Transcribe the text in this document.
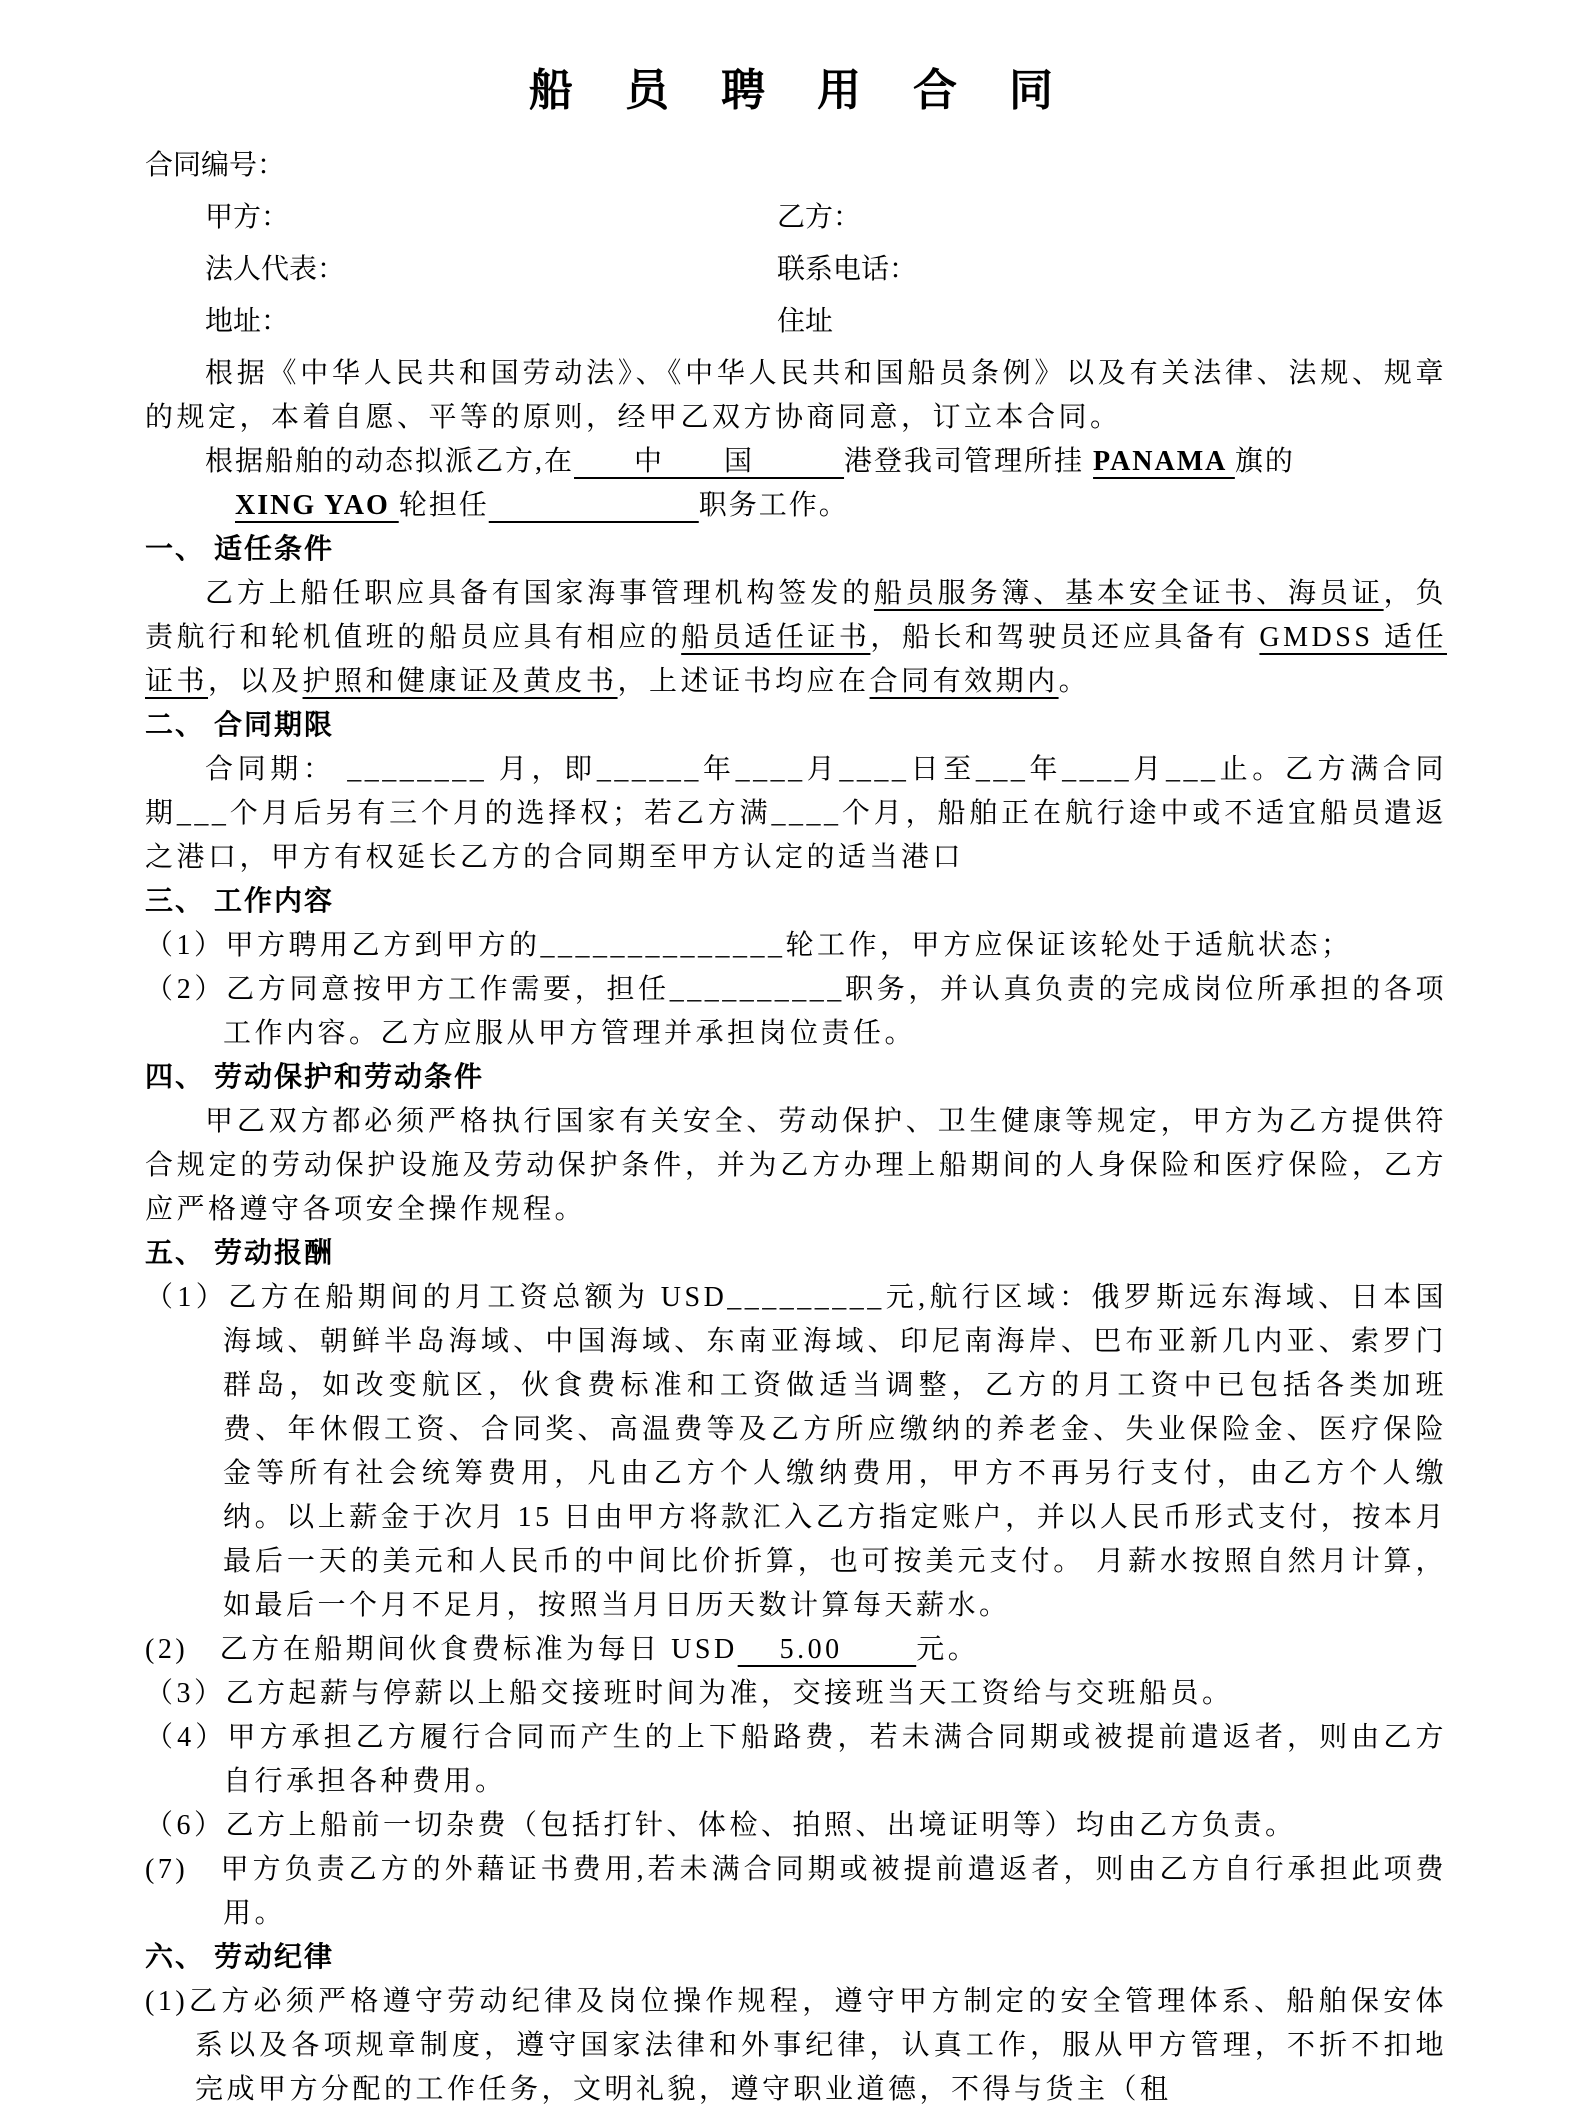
船  员  聘  用  合  同
合同编号：
甲方：	乙方：
法人代表：	联系电话：
地址：	住址
根据《中华人民共和国劳动法》、《中华人民共和国船员条例》以及有关法律、法规、规章的规定，本着自愿、平等的原则，经甲乙双方协商同意，订立本合同。
根据船舶的动态拟派乙方,在　　中　　国　　　港登我司管理所挂 PANAMA 旗的
XING YAO 轮担任　　　　　　　	职务工作。
一、 适任条件
乙方上船任职应具备有国家海事管理机构签发的船员服务簿、基本安全证书、海员证，负责航行和轮机值班的船员应具有相应的船员适任证书，船长和驾驶员还应具备有 GMDSS 适任证书，以及护照和健康证及黄皮书，上述证书均应在合同有效期内。
二、 合同期限
合同期： ________ 月，即______年____月____日至___年____月___止。乙方满合同期___个月后另有三个月的选择权；若乙方满____个月，船舶正在航行途中或不适宜船员遣返之港口，甲方有权延长乙方的合同期至甲方认定的适当港口
三、 工作内容
（1）甲方聘用乙方到甲方的______________轮工作，甲方应保证该轮处于适航状态；
（2）乙方同意按甲方工作需要，担任__________职务，并认真负责的完成岗位所承担的各项工作内容。乙方应服从甲方管理并承担岗位责任。
四、 劳动保护和劳动条件
甲乙双方都必须严格执行国家有关安全、劳动保护、卫生健康等规定，甲方为乙方提供符合规定的劳动保护设施及劳动保护条件，并为乙方办理上船期间的人身保险和医疗保险，乙方应严格遵守各项安全操作规程。
五、 劳动报酬
（1）乙方在船期间的月工资总额为 USD_________元,航行区域：俄罗斯远东海域、日本国海域、朝鲜半岛海域、中国海域、东南亚海域、印尼南海岸、巴布亚新几内亚、索罗门群岛，如改变航区，伙食费标准和工资做适当调整，乙方的月工资中已包括各类加班费、年休假工资、合同奖、高温费等及乙方所应缴纳的养老金、失业保险金、医疗保险金等所有社会统筹费用，凡由乙方个人缴纳费用，甲方不再另行支付，由乙方个人缴纳。以上薪金于次月 15 日由甲方将款汇入乙方指定账户，并以人民币形式支付，按本月最后一天的美元和人民币的中间比价折算，也可按美元支付。 月薪水按照自然月计算，如最后一个月不足月，按照当月日历天数计算每天薪水。
(2)　乙方在船期间伙食费标准为每日 USD　 5.00 　　元。
（3）乙方起薪与停薪以上船交接班时间为准，交接班当天工资给与交班船员。
（4）甲方承担乙方履行合同而产生的上下船路费，若未满合同期或被提前遣返者，则由乙方自行承担各种费用。
（6）乙方上船前一切杂费（包括打针、体检、拍照、出境证明等）均由乙方负责。
(7)　甲方负责乙方的外藉证书费用,若未满合同期或被提前遣返者，则由乙方自行承担此项费用。
六、 劳动纪律
(1)乙方必须严格遵守劳动纪律及岗位操作规程，遵守甲方制定的安全管理体系、船舶保安体系以及各项规章制度，遵守国家法律和外事纪律，认真工作，服从甲方管理，不折不扣地完成甲方分配的工作任务，文明礼貌，遵守职业道德，不得与货主（租
